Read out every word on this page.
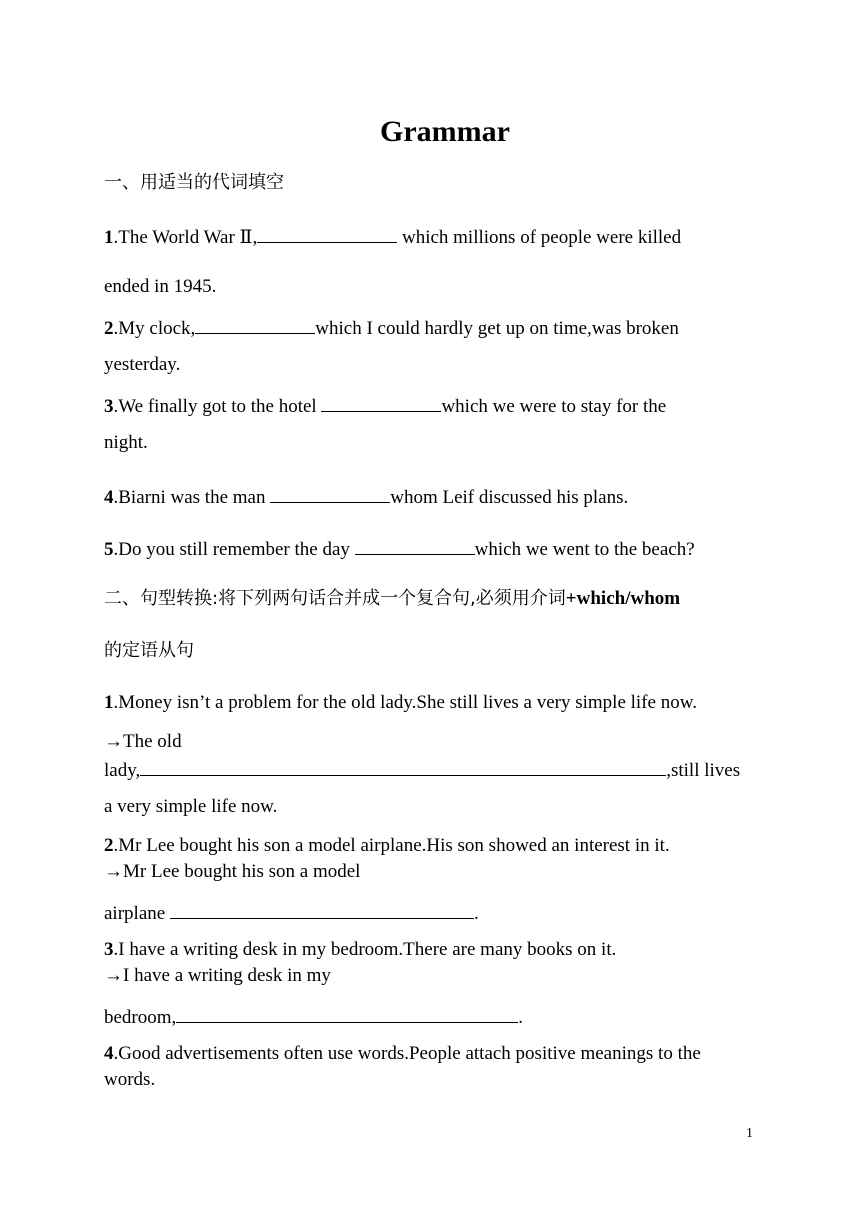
Grammar
一、用适当的代词填空
1.The World War Ⅱ,	which millions of people were killed
ended in 1945.
2.My clock,	which I could hardly get up on time,was broken
yesterday.
3.We finally got to the hotel	which we were to stay for the
night.
4.Biarni was the man	whom Leif discussed his plans.
5.Do you still remember the day	which we went to the beach?
二、句型转换:将下列两句话合并成一个复合句,必须用介词+which/whom
的定语从句
1.Money isn’t a problem for the old lady.She still lives a very simple life now.
→The old
lady,	,still lives
a very simple life now.
2.Mr Lee bought his son a model airplane.His son showed an interest in it.
→Mr Lee bought his son a model
airplane	.
3.I have a writing desk in my bedroom.There are many books on it.
→I have a writing desk in my
bedroom,	.
4.Good advertisements often use words.People attach positive meanings to the
words.
1
